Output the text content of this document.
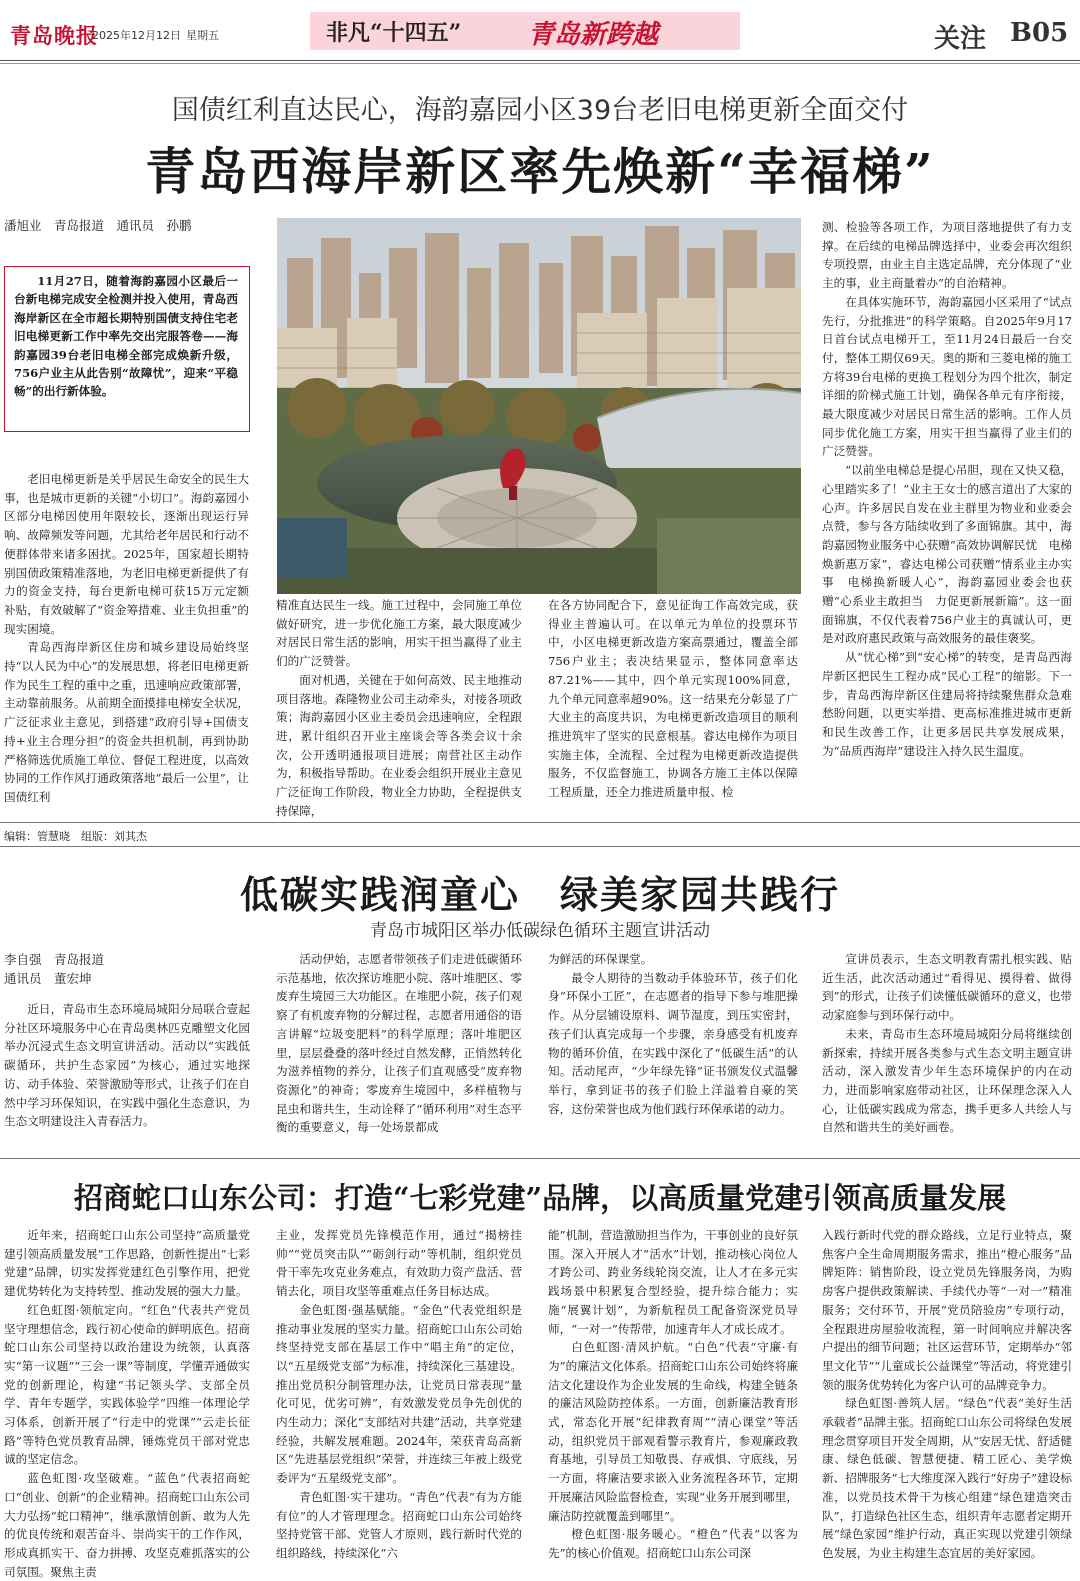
青岛晚报
2025年12月12日 星期五	非凡“十四五”	青岛新跨越	关注 B05
国债红利直达民心，海韵嘉园小区39台老旧电梯更新全面交付
青岛西海岸新区率先焕新“幸福梯”
潘旭业　青岛报道　通讯员　孙鹏
11月27日，随着海韵嘉园小区最后一台新电梯完成安全检测并投入使用，青岛西海岸新区在全市超长期特别国债支持住宅老旧电梯更新工作中率先交出完服答卷——海韵嘉园39台老旧电梯全部完成焕新升级，756户业主从此告别“故障忧”，迎来“平稳畅”的出行新体验。

老旧电梯更新是关乎居民生命安全的民生大事，也是城市更新的关键“小切口”。海韵嘉园小区部分电梯因使用年限较长，逐渐出现运行异响、故障频发等问题，尤其给老年居民和行动不便群体带来诸多困扰。2025年，国家超长期特别国债政策精准落地，为老旧电梯更新提供了有力的资金支持，每台更新电梯可获15万元定额补贴，有效破解了“资金筹措难、业主负担重”的现实困境。

青岛西海岸新区住房和城乡建设局始终坚持“以人民为中心”的发展思想，将老旧电梯更新作为民生工程的重中之重，迅速响应政策部署，主动靠前服务。从前期全面摸排电梯安全状况，广泛征求业主意见，到搭建“政府引导+国债支持+业主合理分担”的资金共担机制，再到协助严格筛选优质施工单位、督促工程进度，以高效协同的工作作风打通政策落地“最后一公里”，让国债红利

精准直达民生一线。施工过程中，会同施工单位做好研究，进一步优化施工方案，最大限度减少对居民日常生活的影响，用实干担当赢得了业主们的广泛赞誉。

面对机遇，关键在于如何高效、民主地推动项目落地。森隆物业公司主动牵头，对接各项政策；海韵嘉园小区业主委员会迅速响应，全程跟进，累计组织召开业主座谈会等各类会议十余次，公开透明通报项目进展；南营社区主动作为，积极指导帮助。在业委会组织开展业主意见广泛征询工作阶段，物业全力协助，全程提供支持保障，

在各方协同配合下，意见征询工作高效完成，获得业主普遍认可。在以单元为单位的投票环节中，小区电梯更新改造方案高票通过，覆盖全部756户业主；表决结果显示，整体同意率达87.21%——其中，四个单元实现100%同意，九个单元同意率超90%。这一结果充分彰显了广大业主的高度共识，为电梯更新改造项目的顺利推进筑牢了坚实的民意根基。睿达电梯作为项目实施主体，全流程、全过程为电梯更新改造提供服务，不仅监督施工，协调各方施工主体以保障工程质量，还全力推进质量申报、检

测、检验等各项工作，为项目落地提供了有力支撑。在后续的电梯品牌选择中，业委会再次组织专项投票，由业主自主选定品牌，充分体现了“业主的事，业主商量着办”的自治精神。

在具体实施环节，海韵嘉园小区采用了“试点先行，分批推进”的科学策略。自2025年9月17日首台试点电梯开工，至11月24日最后一台交付，整体工期仅69天。奥的斯和三菱电梯的施工方将39台电梯的更换工程划分为四个批次，制定详细的阶梯式施工计划，确保各单元有序衔接，最大限度减少对居民日常生活的影响。工作人员同步优化施工方案，用实干担当赢得了业主们的广泛赞誉。

“以前坐电梯总是提心吊胆，现在又快又稳，心里踏实多了！”业主王女士的感言道出了大家的心声。许多居民自发在业主群里为物业和业委会点赞，参与各方陆续收到了多面锦旗。其中，海韵嘉园物业服务中心获赠“高效协调解民忧　电梯焕新惠万家”，睿达电梯公司获赠“情系业主办实事　电梯换新暖人心”，海韵嘉园业委会也获赠“心系业主敢担当　力促更新展新篇”。这一面面锦旗，不仅代表着756户业主的真诚认可，更是对政府惠民政策与高效服务的最佳褒奖。

从“忧心梯”到“安心梯”的转变，是青岛西海岸新区把民生工程办成“民心工程”的缩影。下一步，青岛西海岸新区住建局将持续聚焦群众急难愁盼问题，以更实举措、更高标准推进城市更新和民生改善工作，让更多居民共享发展成果，为“品质西海岸”建设注入持久民生温度。

编辑：管慧晓　组版：刘其杰
低碳实践润童心　绿美家园共践行
青岛市城阳区举办低碳绿色循环主题宣讲活动
李自强　青岛报道
通讯员　董宏坤

近日，青岛市生态环境局城阳分局联合壹起分社区环境服务中心在青岛奥林匹克雕塑文化园举办沉浸式生态文明宣讲活动。活动以“实践低碳循环，共护生态家园”为核心，通过实地探访、动手体验、荣誉激励等形式，让孩子们在自然中学习环保知识，在实践中强化生态意识，为生态文明建设注入青春活力。

活动伊始，志愿者带领孩子们走进低碳循环示范基地，依次探访堆肥小院、落叶堆肥区、零废弃生境园三大功能区。在堆肥小院，孩子们观察了有机废弃物的分解过程，志愿者用通俗的语言讲解“垃圾变肥料”的科学原理；落叶堆肥区里，层层叠叠的落叶经过自然发酵，正悄然转化为滋养植物的养分，让孩子们直观感受“废弃物资源化”的神奇；零废弃生境园中，多样植物与昆虫和谐共生，生动诠释了“循环利用”对生态平衡的重要意义，每一处场景都成

为鲜活的环保课堂。

最令人期待的当数动手体验环节，孩子们化身“环保小工匠”，在志愿者的指导下参与堆肥操作。从分层铺设原料、调节湿度，到压实密封，孩子们认真完成每一个步骤，亲身感受有机废弃物的循环价值，在实践中深化了“低碳生活”的认知。活动尾声，“少年绿先锋”证书颁发仪式温馨举行，拿到证书的孩子们脸上洋溢着自豪的笑容，这份荣誉也成为他们践行环保承诺的动力。

宣讲员表示，生态文明教育需扎根实践、贴近生活，此次活动通过“看得见、摸得着、做得到”的形式，让孩子们读懂低碳循环的意义，也带动家庭参与到环保行动中。

未来，青岛市生态环境局城阳分局将继续创新探索，持续开展各类参与式生态文明主题宣讲活动，深入激发青少年生态环境保护的内在动力，进而影响家庭带动社区，让环保理念深入人心，让低碳实践成为常态，携手更多人共绘人与自然和谐共生的美好画卷。

招商蛇口山东公司：打造“七彩党建”品牌，以高质量党建引领高质量发展

近年来，招商蛇口山东公司坚持“高质量党建引领高质量发展”工作思路，创新性提出“七彩党建”品牌，切实发挥党建红色引擎作用，把党建优势转化为支持转型、推动发展的强大力量。

红色虹图·领航定向。“红色”代表共产党员坚守理想信念，践行初心使命的鲜明底色。招商蛇口山东公司坚持以政治建设为统领，认真落实“第一议题”“三会一课”等制度，学懂弄通做实党的创新理论，构建“书记领头学、支部全员学、青年专题学，实践体验学”四维一体理论学习体系，创新开展了“行走中的党课”“云走长征路”等特色党员教育品牌，锤炼党员干部对党忠诚的坚定信念。

蓝色虹图·攻坚破难。“蓝色”代表招商蛇口“创业、创新”的企业精神。招商蛇口山东公司大力弘扬“蛇口精神”，继承激情创新、敢为人先的优良传统和艰苦奋斗、崇尚实干的工作作风，形成真抓实干、奋力拼搏、攻坚克难抓落实的公司氛围。聚焦主责

主业，发挥党员先锋模范作用，通过“揭榜挂帅”“党员突击队”“砺剑行动”等机制，组织党员骨干率先攻克业务难点，有效助力资产盘活、营销去化，项目攻坚等重难点任务目标达成。

金色虹图·强基赋能。“金色”代表党组织是推动事业发展的坚实力量。招商蛇口山东公司始终坚持党支部在基层工作中“唱主角”的定位，以“五星级党支部”为标准，持续深化三基建设。推出党员积分制管理办法，让党员日常表现“量化可见，优劣可辨”，有效激发党员争先创优的内生动力；深化“支部结对共建”活动，共享党建经验，共解发展难题。2024年，荣获青岛高新区“先进基层党组织”荣誉，并连续三年被上级党委评为“五星级党支部”。

青色虹图·实干建功。“青色”代表“有为方能有位”的人才管理理念。招商蛇口山东公司始终坚持党管干部、党管人才原则，践行新时代党的组织路线，持续深化“六

能”机制，营造激励担当作为，干事创业的良好氛围。深入开展人才“活水”计划，推动核心岗位人才跨公司、跨业务线轮岗交流，让人才在多元实践场景中积累复合型经验，提升综合能力；实施“展翼计划”，为新航程员工配备资深党员导师，“一对一”传帮带，加速青年人才成长成才。

白色虹图·清风护航。“白色”代表“守廉·有为”的廉洁文化体系。招商蛇口山东公司始终将廉洁文化建设作为企业发展的生命线，构建全链条的廉洁风险防控体系。一方面，创新廉洁教育形式，常态化开展“纪律教育周”“清心课堂”等活动，组织党员干部观看警示教育片，参观廉政教育基地，引导员工知敬畏、存戒惧、守底线，另一方面，将廉洁要求嵌入业务流程各环节，定期开展廉洁风险监督检查，实现“业务开展到哪里，廉洁防控就覆盖到哪里”。

橙色虹图·服务暖心。“橙色”代表“以客为先”的核心价值观。招商蛇口山东公司深

入践行新时代党的群众路线，立足行业特点，聚焦客户全生命周期服务需求，推出“橙心服务”品牌矩阵：销售阶段，设立党员先锋服务岗，为购房客户提供政策解读、手续代办等“一对一”精准服务；交付环节，开展“党员陪验房”专项行动，全程跟进房屋验收流程，第一时间响应并解决客户提出的细节问题；社区运营环节，定期举办“邻里文化节”“儿童成长公益课堂”等活动，将党建引领的服务优势转化为客户认可的品牌竞争力。

绿色虹图·善筑人居。“绿色”代表“美好生活承载者”品牌主张。招商蛇口山东公司将绿色发展理念贯穿项目开发全周期，从“安居无忧、舒适健康、绿色低碳、智慧便捷、精工匠心、美学焕新、招牌服务”七大维度深入践行“好房子”建设标准，以党员技术骨干为核心组建“绿色建造突击队”，打造绿色社区生态，组织青年志愿者定期开展“绿色家园”维护行动，真正实现以党建引领绿色发展，为业主构建生态宜居的美好家园。
